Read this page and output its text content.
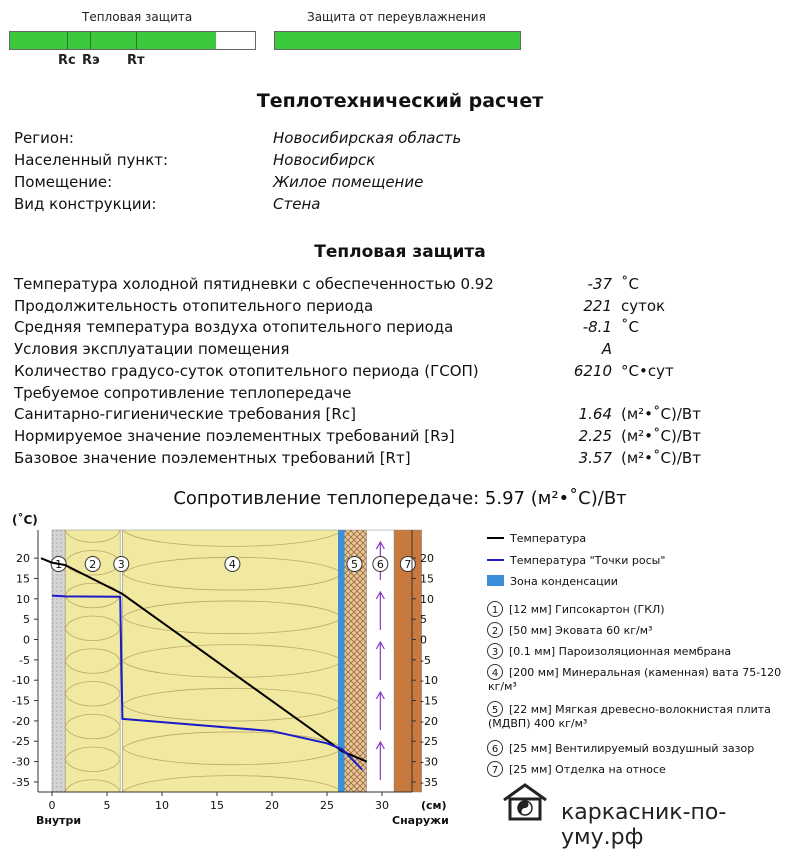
Тепловая защита	Защита от переувлажнения
Rc Rэ Rт
Теплотехнический расчет
Регион:	Новосибирская область
Населенный пункт:	Новосибирск
Помещение:	Жилое помещение
Вид конструкции:	Стена
Тепловая защита
Температура холодной пятидневки с обеспеченностью 0.92	-37 ˚С
Продолжительность отопительного периода	221 суток
Средняя температура воздуха отопительного периода	-8.1 ˚С
Условия эксплуатации помещения	А
Количество градусо-суток отопительного периода (ГСОП)	6210 °С•сут
Требуемое сопротивление теплопередаче
Санитарно-гигиенические требования [Rс]	1.64 (м²•˚С)/Вт
Нормируемое значение поэлементных требований [Rэ]	2.25 (м²•˚С)/Вт
Базовое значение поэлементных требований [Rт]	3.57 (м²•˚С)/Вт
Сопротивление теплопередаче: 5.97 (м²•˚С)/Вт
1 2 3	4	5 6 7
20	20
15	15
10	10
5	5
0	0
-5	-5
-10	-10
-15	-15
-20	-20
-25	-25
-30	-30
-35	-35
0	5	10	15	20	25	30
(˚С)
(см)
Внутри	Снаружи
Температура
Температура "Точки росы"
Зона конденсации
1 [12 мм] Гипсокартон (ГКЛ)
2 [50 мм] Эковата 60 кг/м³
3 [0.1 мм] Пароизоляционная мембрана
4 [200 мм] Минеральная (каменная) вата 75-120
кг/м³
5 [22 мм] Мягкая древесно-волокнистая плита
(МДВП) 400 кг/м³
6 [25 мм] Вентилируемый воздушный зазор
7 [25 мм] Отделка на относе
каркасник-по-уму.рф
